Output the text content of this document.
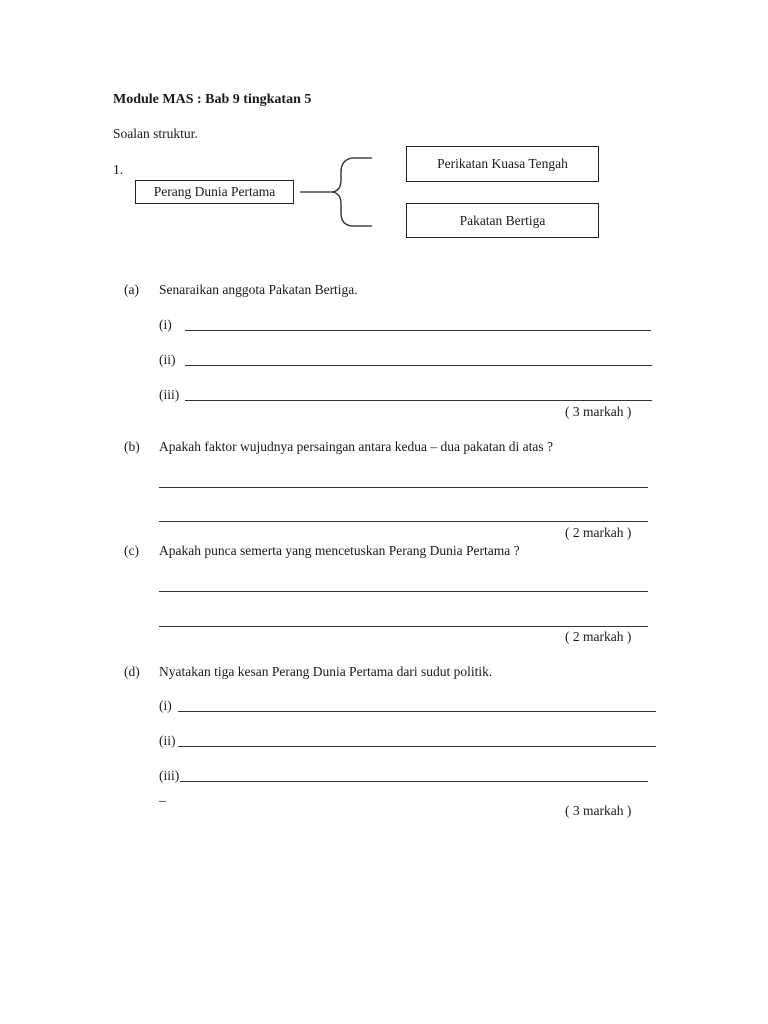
Module MAS : Bab 9 tingkatan 5
Soalan struktur.
1.
Perang Dunia Pertama
Perikatan Kuasa Tengah
Pakatan Bertiga
(a) Senaraikan anggota Pakatan Bertiga.
(i)
(ii)
(iii)
( 3 markah )
(b) Apakah faktor wujudnya persaingan antara kedua – dua pakatan di atas ?
( 2 markah )
(c) Apakah punca semerta yang mencetuskan Perang Dunia Pertama ?
( 2 markah )
(d) Nyatakan tiga kesan Perang Dunia Pertama dari sudut politik.
(i)
(ii)
(iii)
_
( 3 markah )
